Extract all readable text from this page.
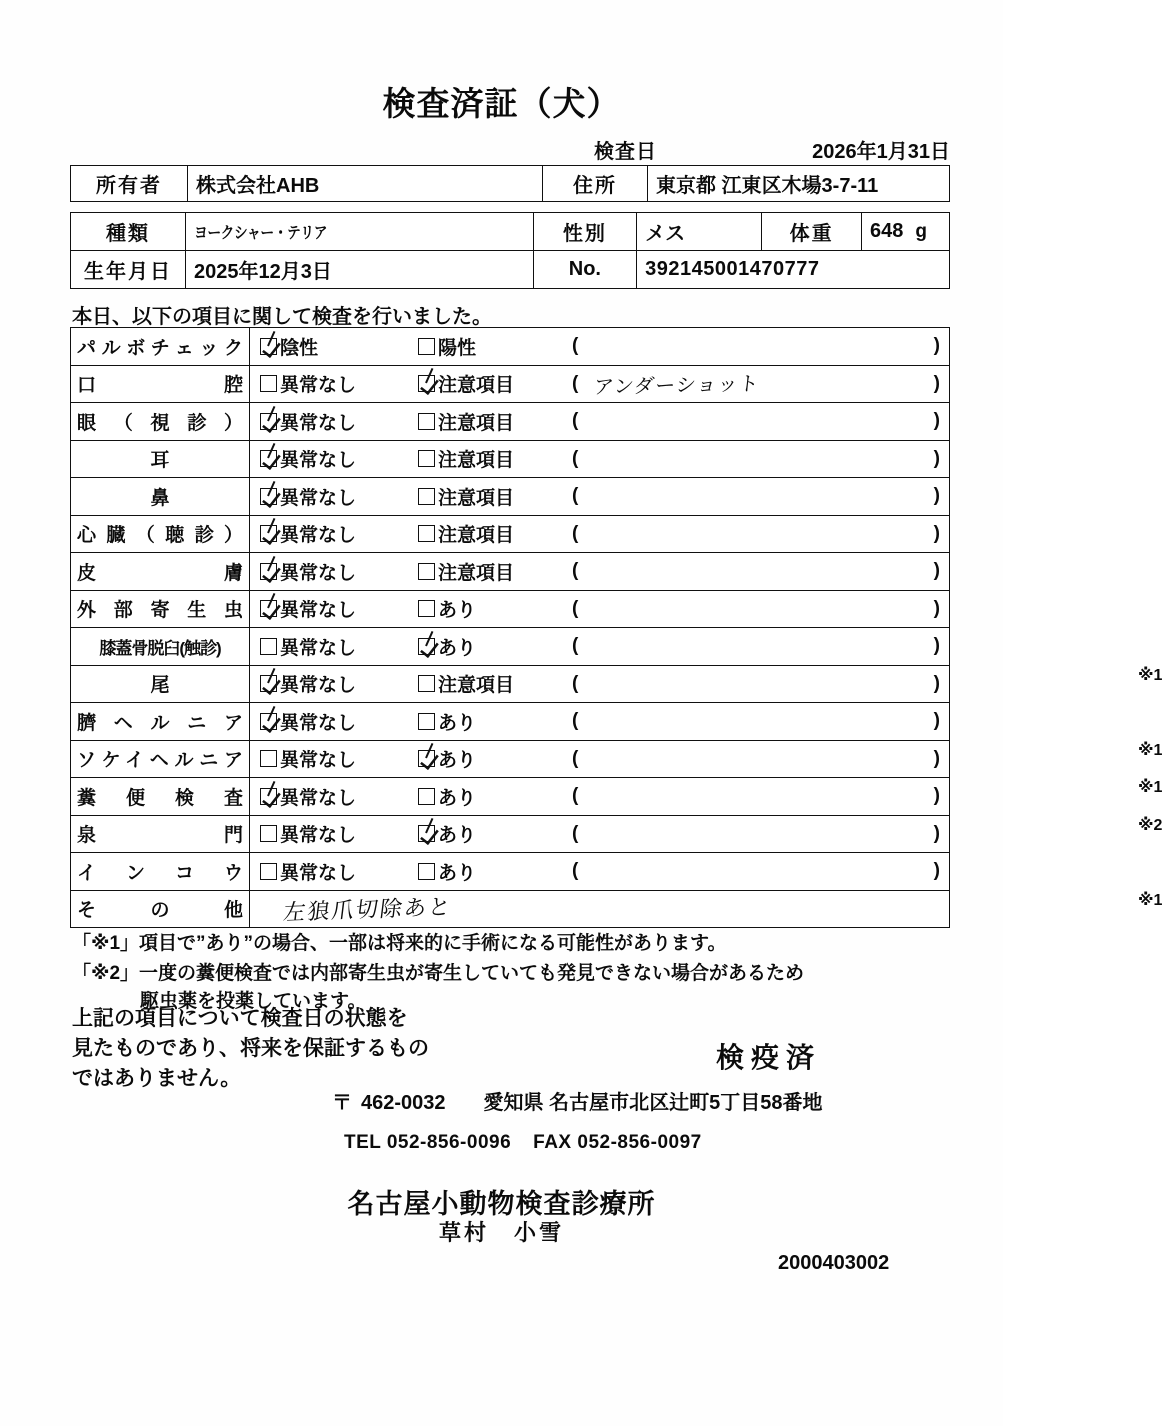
検査済証（犬）
検査日	2026年1月31日
所有者	株式会社AHB	住所	東京都 江東区木場3-7-11
種類	ヨークシャー・テリア	性別	メス	体重	648 g
生年月日	2025年12月3日	No.	392145001470777		
本日、以下の項目に関して検査を行いました。
パルボチェック	陰性 陽性 ( )

口腔	異常なし 注意項目 ( アンダーショット )

眼（視診）	異常なし 注意項目 ( )

耳	異常なし 注意項目 ( )

鼻	異常なし 注意項目 ( )

心臓（聴診）	異常なし 注意項目 ( )

皮膚	異常なし 注意項目 ( )

外部寄生虫	異常なし あり ( )

膝蓋骨脱臼(触診)	異常なし あり ( )
※1

尾	異常なし 注意項目 ( )

臍ヘルニア	異常なし あり ( )
※1

ソケイヘルニア	異常なし あり ( )
※1

糞便検査	異常なし あり ( )
※2

泉門	異常なし あり ( )

インコウ	異常なし あり ( )
※1

その他	左狼爪切除あと
「※1」項目で”あり”の場合、一部は将来的に手術になる可能性があります。
「※2」一度の糞便検査では内部寄生虫が寄生していても発見できない場合があるため
駆虫薬を投薬しています。
上記の項目について検査日の状態を
見たものであり、将来を保証するもの
ではありません。
検疫済
〒 462-0032 愛知県 名古屋市北区辻町5丁目58番地
TEL 052-856-0096 FAX 052-856-0097
名古屋小動物検査診療所
草村　小雪
2000403002
